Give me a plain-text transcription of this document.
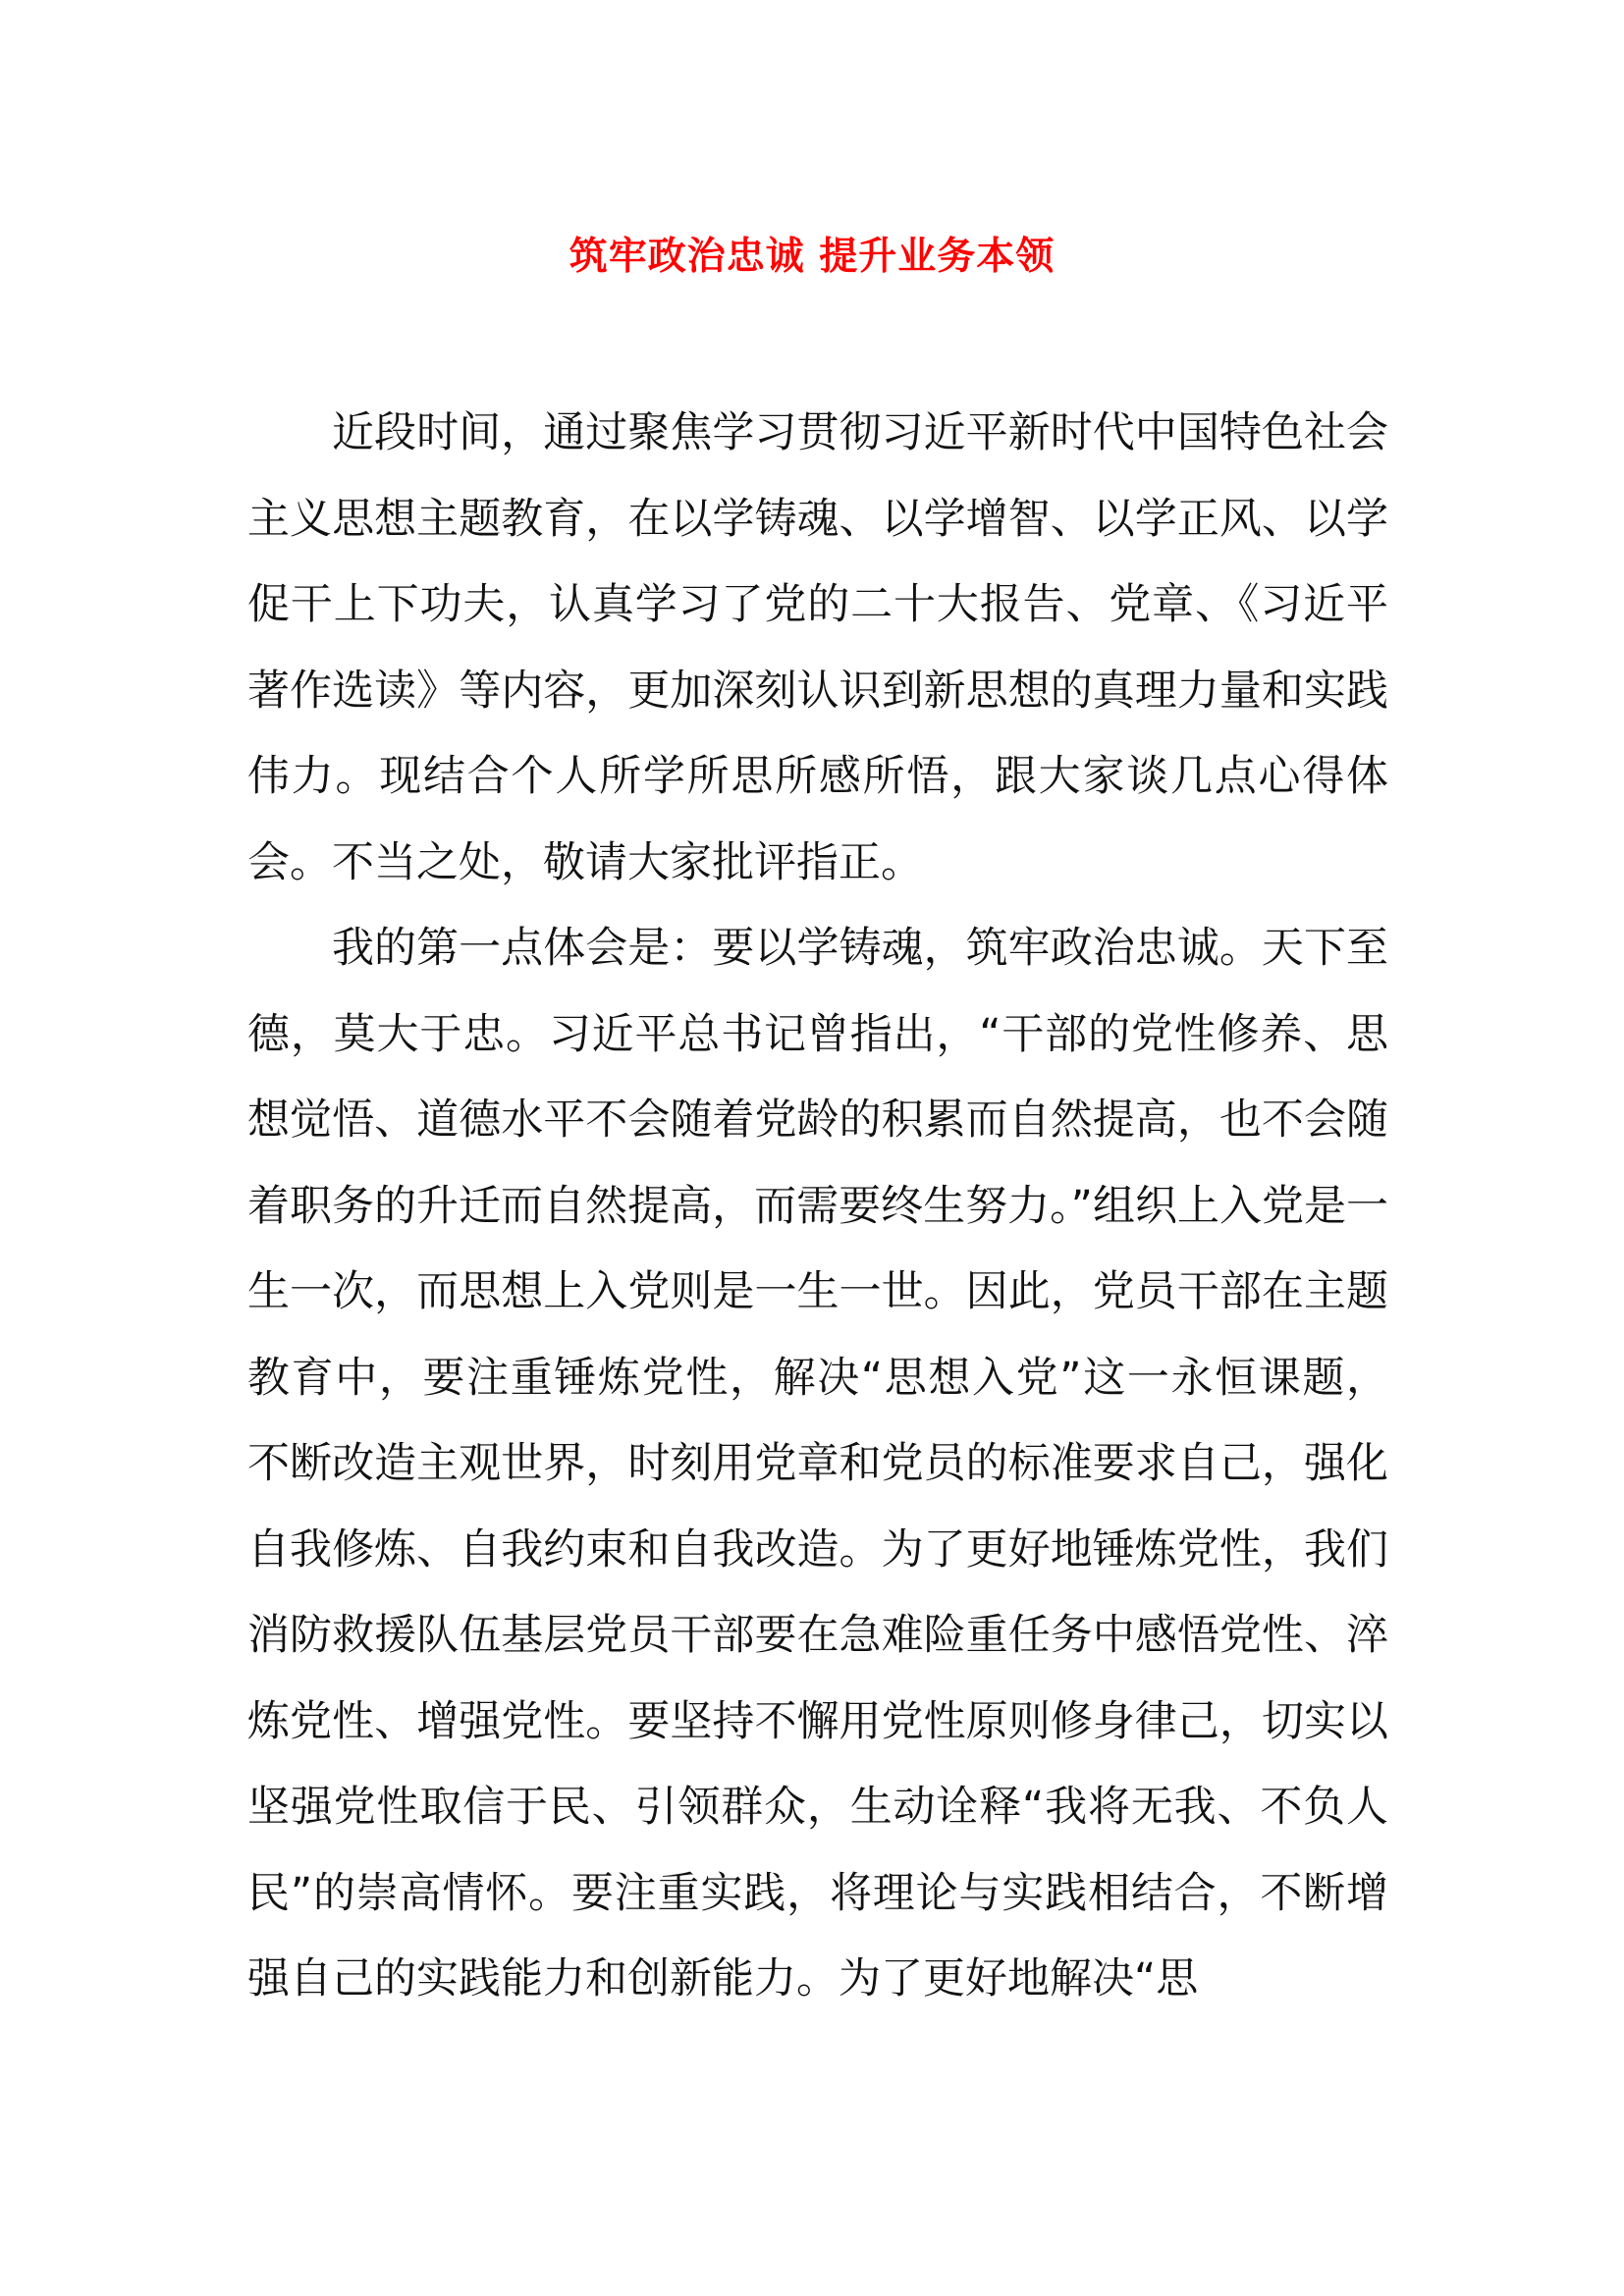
筑牢政治忠诚 提升业务本领

近段时间，通过聚焦学习贯彻习近平新时代中国特色社会主义思想主题教育，在以学铸魂、以学增智、以学正风、以学促干上下功夫，认真学习了党的二十大报告、党章、《习近平著作选读》等内容，更加深刻认识到新思想的真理力量和实践伟力。现结合个人所学所思所感所悟，跟大家谈几点心得体会。不当之处，敬请大家批评指正。

我的第一点体会是：要以学铸魂，筑牢政治忠诚。天下至德，莫大于忠。习近平总书记曾指出，“干部的党性修养、思想觉悟、道德水平不会随着党龄的积累而自然提高，也不会随着职务的升迁而自然提高，而需要终生努力。”组织上入党是一生一次，而思想上入党则是一生一世。因此，党员干部在主题教育中，要注重锤炼党性，解决“思想入党”这一永恒课题，不断改造主观世界，时刻用党章和党员的标准要求自己，强化自我修炼、自我约束和自我改造。为了更好地锤炼党性，我们消防救援队伍基层党员干部要在急难险重任务中感悟党性、淬炼党性、增强党性。要坚持不懈用党性原则修身律己，切实以坚强党性取信于民、引领群众，生动诠释“我将无我、不负人民”的崇高情怀。要注重实践，将理论与实践相结合，不断增强自己的实践能力和创新能力。为了更好地解决“思
